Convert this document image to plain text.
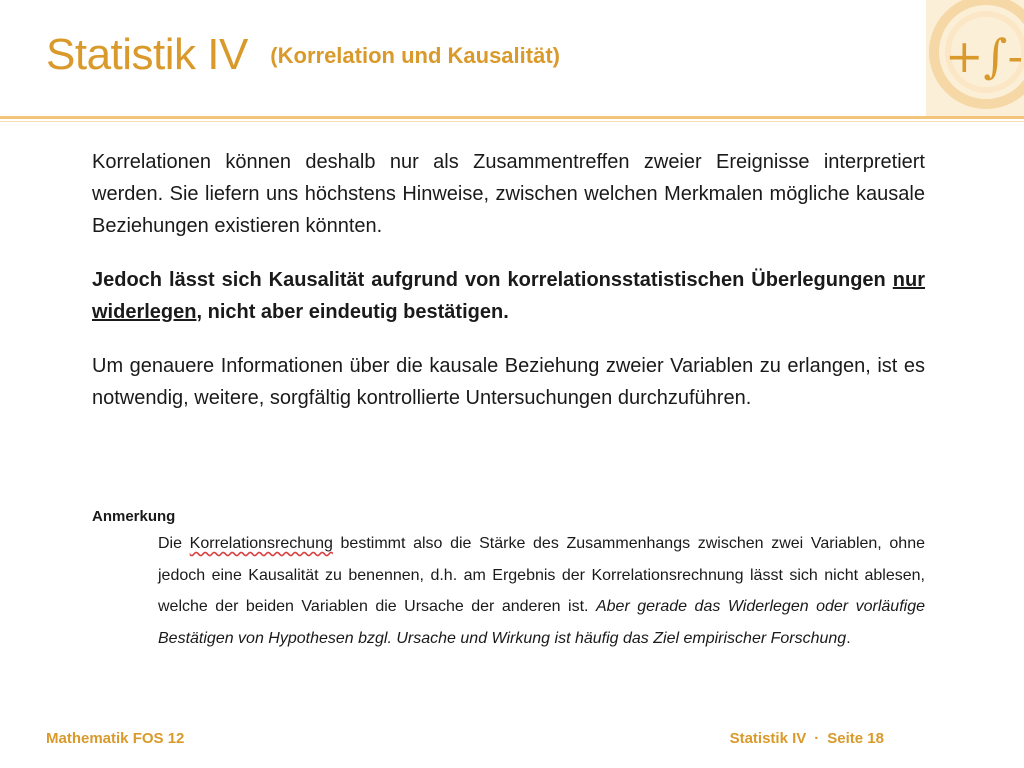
Statistik IV (Korrelation und Kausalität)	+∫-

Korrelationen können deshalb nur als Zusammentreffen zweier Ereignisse interpretiert werden. Sie liefern uns höchstens Hinweise, zwischen welchen Merkmalen mögliche kausale Beziehungen existieren könnten.

Jedoch lässt sich Kausalität aufgrund von korrelationsstatistischen Überlegungen nur widerlegen, nicht aber eindeutig bestätigen.

Um genauere Informationen über die kausale Beziehung zweier Variablen zu erlangen, ist es notwendig, weitere, sorgfältig kontrollierte Untersuchungen durchzuführen.

Anmerkung
Die Korrelationsrechung bestimmt also die Stärke des Zusammenhangs zwischen zwei Variablen, ohne jedoch eine Kausalität zu benennen, d.h. am Ergebnis der Korrelationsrechnung lässt sich nicht ablesen, welche der beiden Variablen die Ursache der anderen ist. Aber gerade das Widerlegen oder vorläufige Bestätigen von Hypothesen bzgl. Ursache und Wirkung ist häufig das Ziel empirischer Forschung.
Mathematik FOS 12	Statistik IV · Seite 18
